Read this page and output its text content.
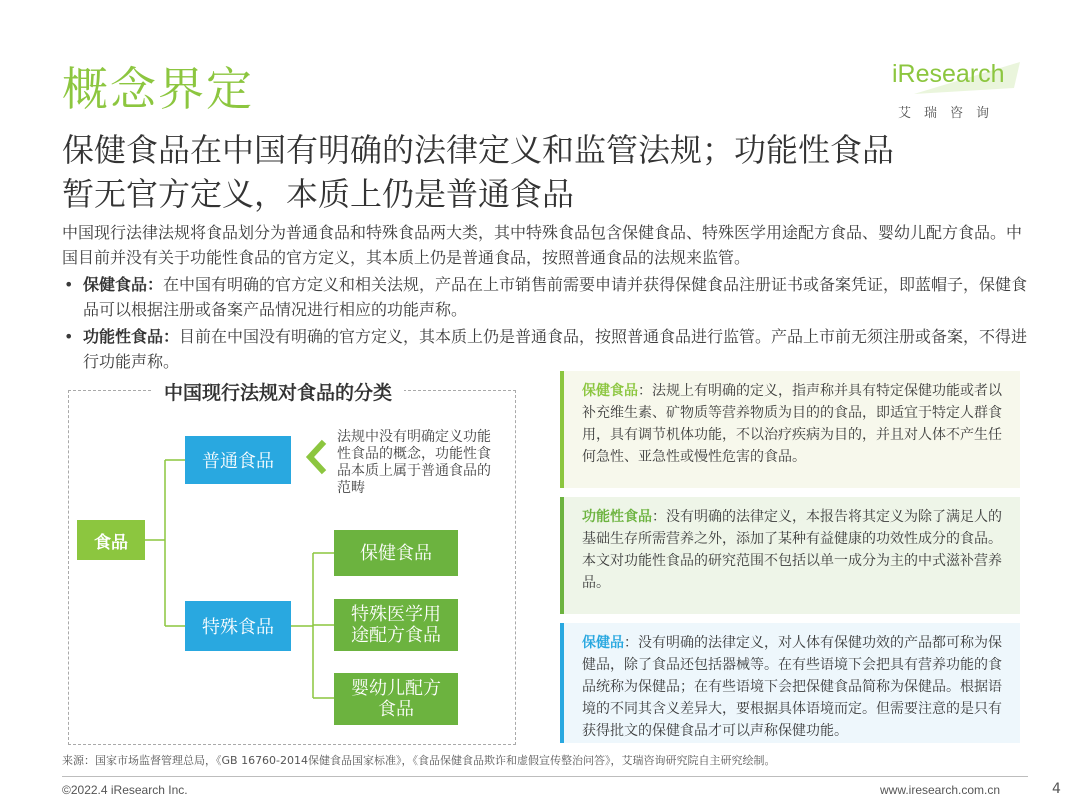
概念界定	iResearch
艾瑞咨询
保健食品在中国有明确的法律定义和监管法规；功能性食品
暂无官方定义，本质上仍是普通食品
中国现行法律法规将食品划分为普通食品和特殊食品两大类，其中特殊食品包含保健食品、特殊医学用途配方食品、婴幼儿配方食品。中国目前并没有关于功能性食品的官方定义，其本质上仍是普通食品，按照普通食品的法规来监管。
• 保健食品：在中国有明确的官方定义和相关法规，产品在上市销售前需要申请并获得保健食品注册证书或备案凭证，即蓝帽子，保健食品可以根据注册或备案产品情况进行相应的功能声称。
• 功能性食品：目前在中国没有明确的官方定义，其本质上仍是普通食品，按照普通食品进行监管。产品上市前无须注册或备案，不得进行功能声称。
中国现行法规对食品的分类
食品
普通食品
特殊食品
保健食品
特殊医学用
途配方食品
婴幼儿配方
食品
法规中没有明确定义功能性食品的概念，功能性食品本质上属于普通食品的范畴
保健食品：法规上有明确的定义，指声称并具有特定保健功能或者以补充维生素、矿物质等营养物质为目的的食品，即适宜于特定人群食用，具有调节机体功能，不以治疗疾病为目的，并且对人体不产生任何急性、亚急性或慢性危害的食品。
功能性食品：没有明确的法律定义，本报告将其定义为除了满足人的基础生存所需营养之外，添加了某种有益健康的功效性成分的食品。本文对功能性食品的研究范围不包括以单一成分为主的中式滋补营养品。
保健品：没有明确的法律定义，对人体有保健功效的产品都可称为保健品，除了食品还包括器械等。在有些语境下会把具有营养功能的食品统称为保健品；在有些语境下会把保健食品简称为保健品。根据语境的不同其含义差异大，要根据具体语境而定。但需要注意的是只有获得批文的保健食品才可以声称保健功能。
来源：国家市场监督管理总局，《GB 16760-2014保健食品国家标准》，《食品保健食品欺诈和虚假宣传整治问答》，艾瑞咨询研究院自主研究绘制。
©2022.4 iResearch Inc.	www.iresearch.com.cn	4
